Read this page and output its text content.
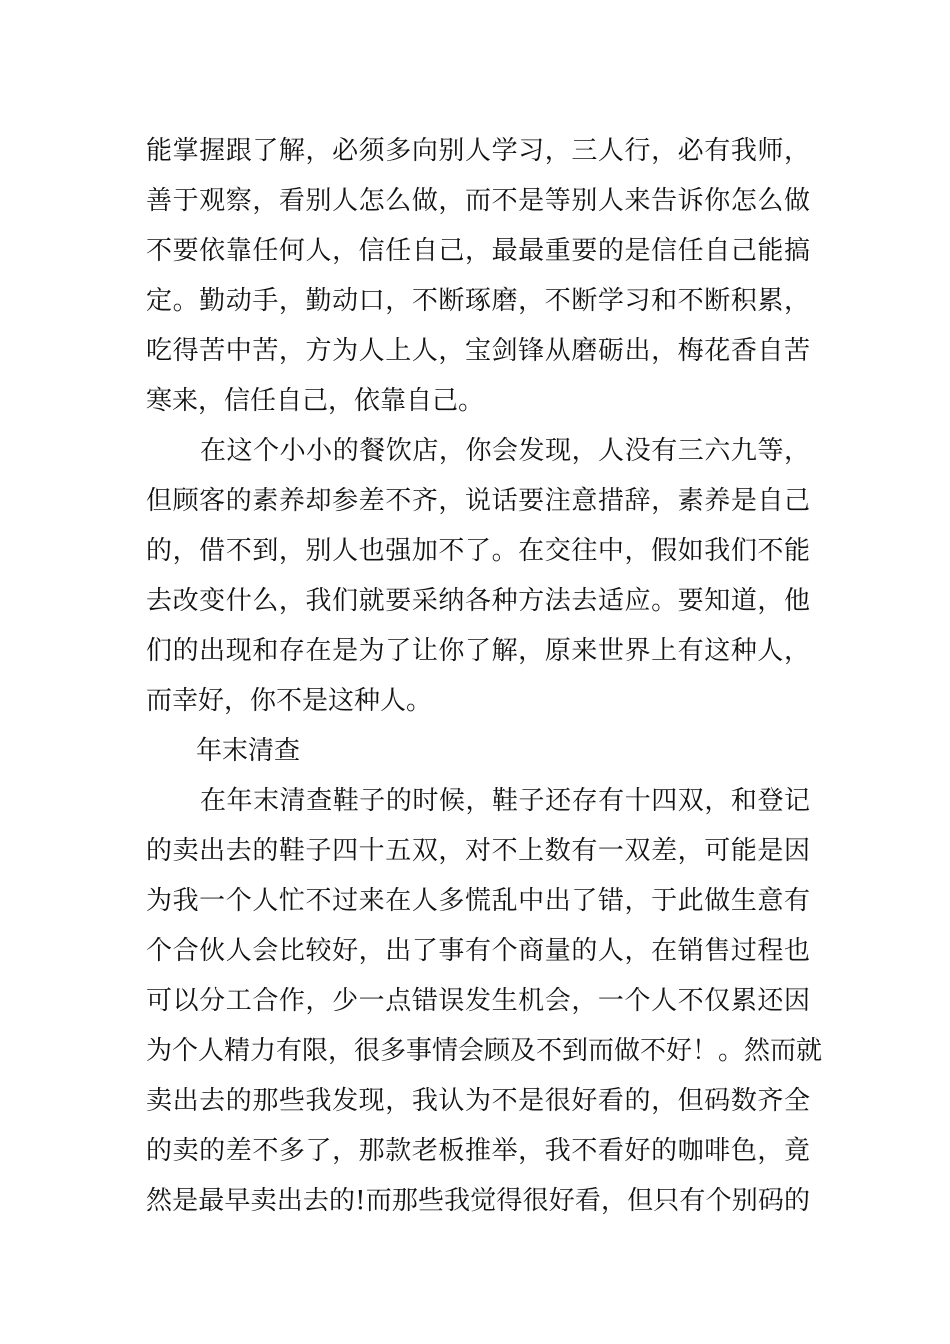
能掌握跟了解，必须多向别人学习，三人行，必有我师，
善于观察，看别人怎么做，而不是等别人来告诉你怎么做
不要依靠任何人，信任自己，最最重要的是信任自己能搞
定。勤动手，勤动口，不断琢磨，不断学习和不断积累，
吃得苦中苦，方为人上人，宝剑锋从磨砺出，梅花香自苦
寒来，信任自己，依靠自己。
在这个小小的餐饮店，你会发现，人没有三六九等，
但顾客的素养却参差不齐，说话要注意措辞，素养是自己
的，借不到，别人也强加不了。在交往中，假如我们不能
去改变什么，我们就要采纳各种方法去适应。要知道，他
们的出现和存在是为了让你了解，原来世界上有这种人，
而幸好，你不是这种人。
年末清查
在年末清查鞋子的时候，鞋子还存有十四双，和登记
的卖出去的鞋子四十五双，对不上数有一双差，可能是因
为我一个人忙不过来在人多慌乱中出了错，于此做生意有
个合伙人会比较好，出了事有个商量的人，在销售过程也
可以分工合作，少一点错误发生机会，一个人不仅累还因
为个人精力有限，很多事情会顾及不到而做不好！。然而就
卖出去的那些我发现，我认为不是很好看的，但码数齐全
的卖的差不多了，那款老板推举，我不看好的咖啡色，竟
然是最早卖出去的!而那些我觉得很好看，但只有个别码的
